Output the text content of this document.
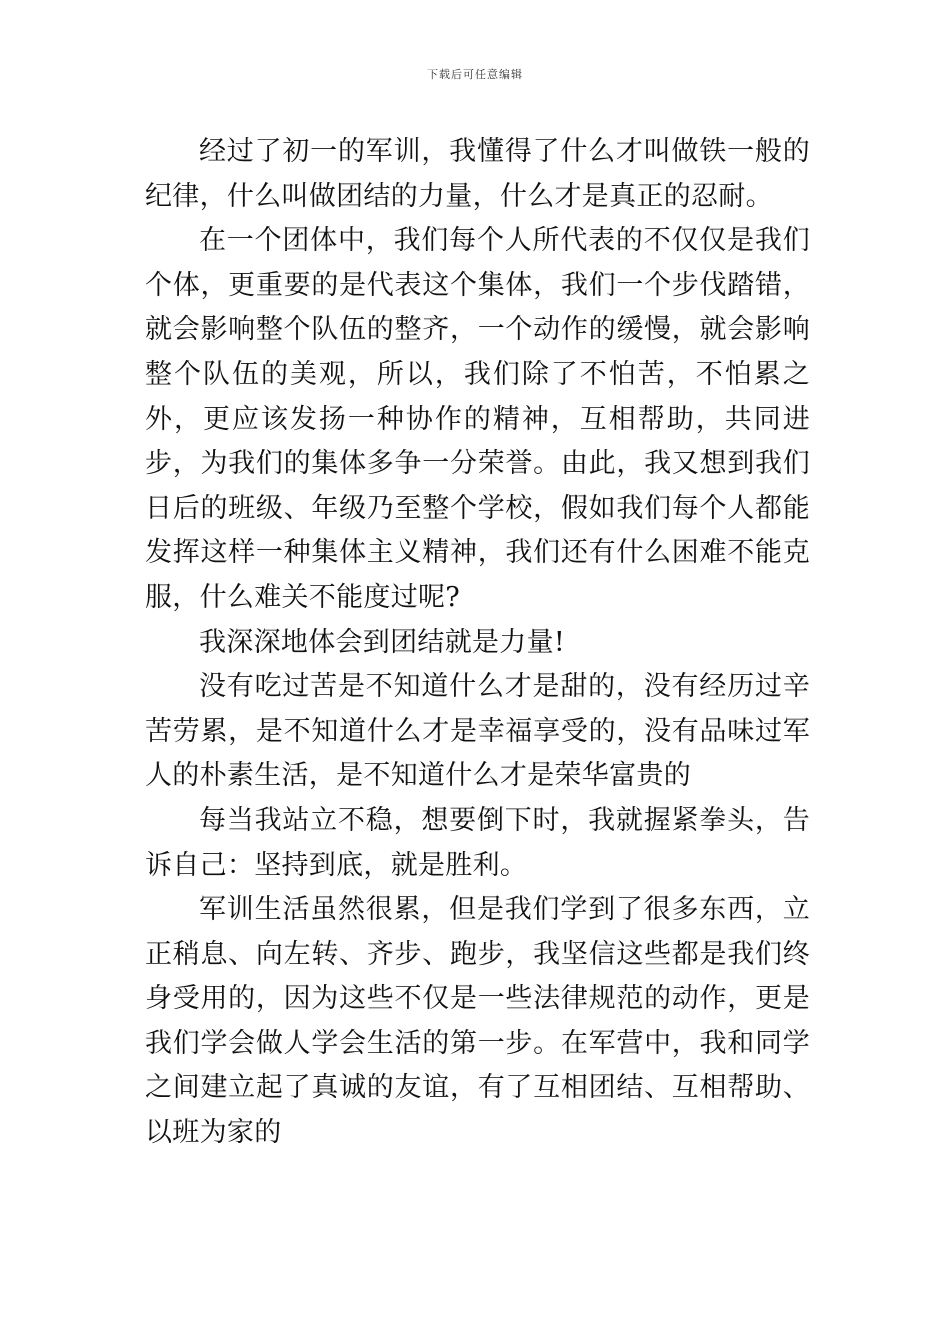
下载后可任意编辑

经过了初一的军训，我懂得了什么才叫做铁一般的纪律，什么叫做团结的力量，什么才是真正的忍耐。

在一个团体中，我们每个人所代表的不仅仅是我们个体，更重要的是代表这个集体，我们一个步伐踏错，就会影响整个队伍的整齐，一个动作的缓慢，就会影响整个队伍的美观，所以，我们除了不怕苦，不怕累之外，更应该发扬一种协作的精神，互相帮助，共同进步，为我们的集体多争一分荣誉。由此，我又想到我们日后的班级、年级乃至整个学校，假如我们每个人都能发挥这样一种集体主义精神，我们还有什么困难不能克服，什么难关不能度过呢?

我深深地体会到团结就是力量!

没有吃过苦是不知道什么才是甜的，没有经历过辛苦劳累，是不知道什么才是幸福享受的，没有品味过军人的朴素生活，是不知道什么才是荣华富贵的

每当我站立不稳，想要倒下时，我就握紧拳头，告诉自己：坚持到底，就是胜利。

军训生活虽然很累，但是我们学到了很多东西，立正稍息、向左转、齐步、跑步，我坚信这些都是我们终身受用的，因为这些不仅是一些法律规范的动作，更是我们学会做人学会生活的第一步。在军营中，我和同学之间建立起了真诚的友谊，有了互相团结、互相帮助、以班为家的
